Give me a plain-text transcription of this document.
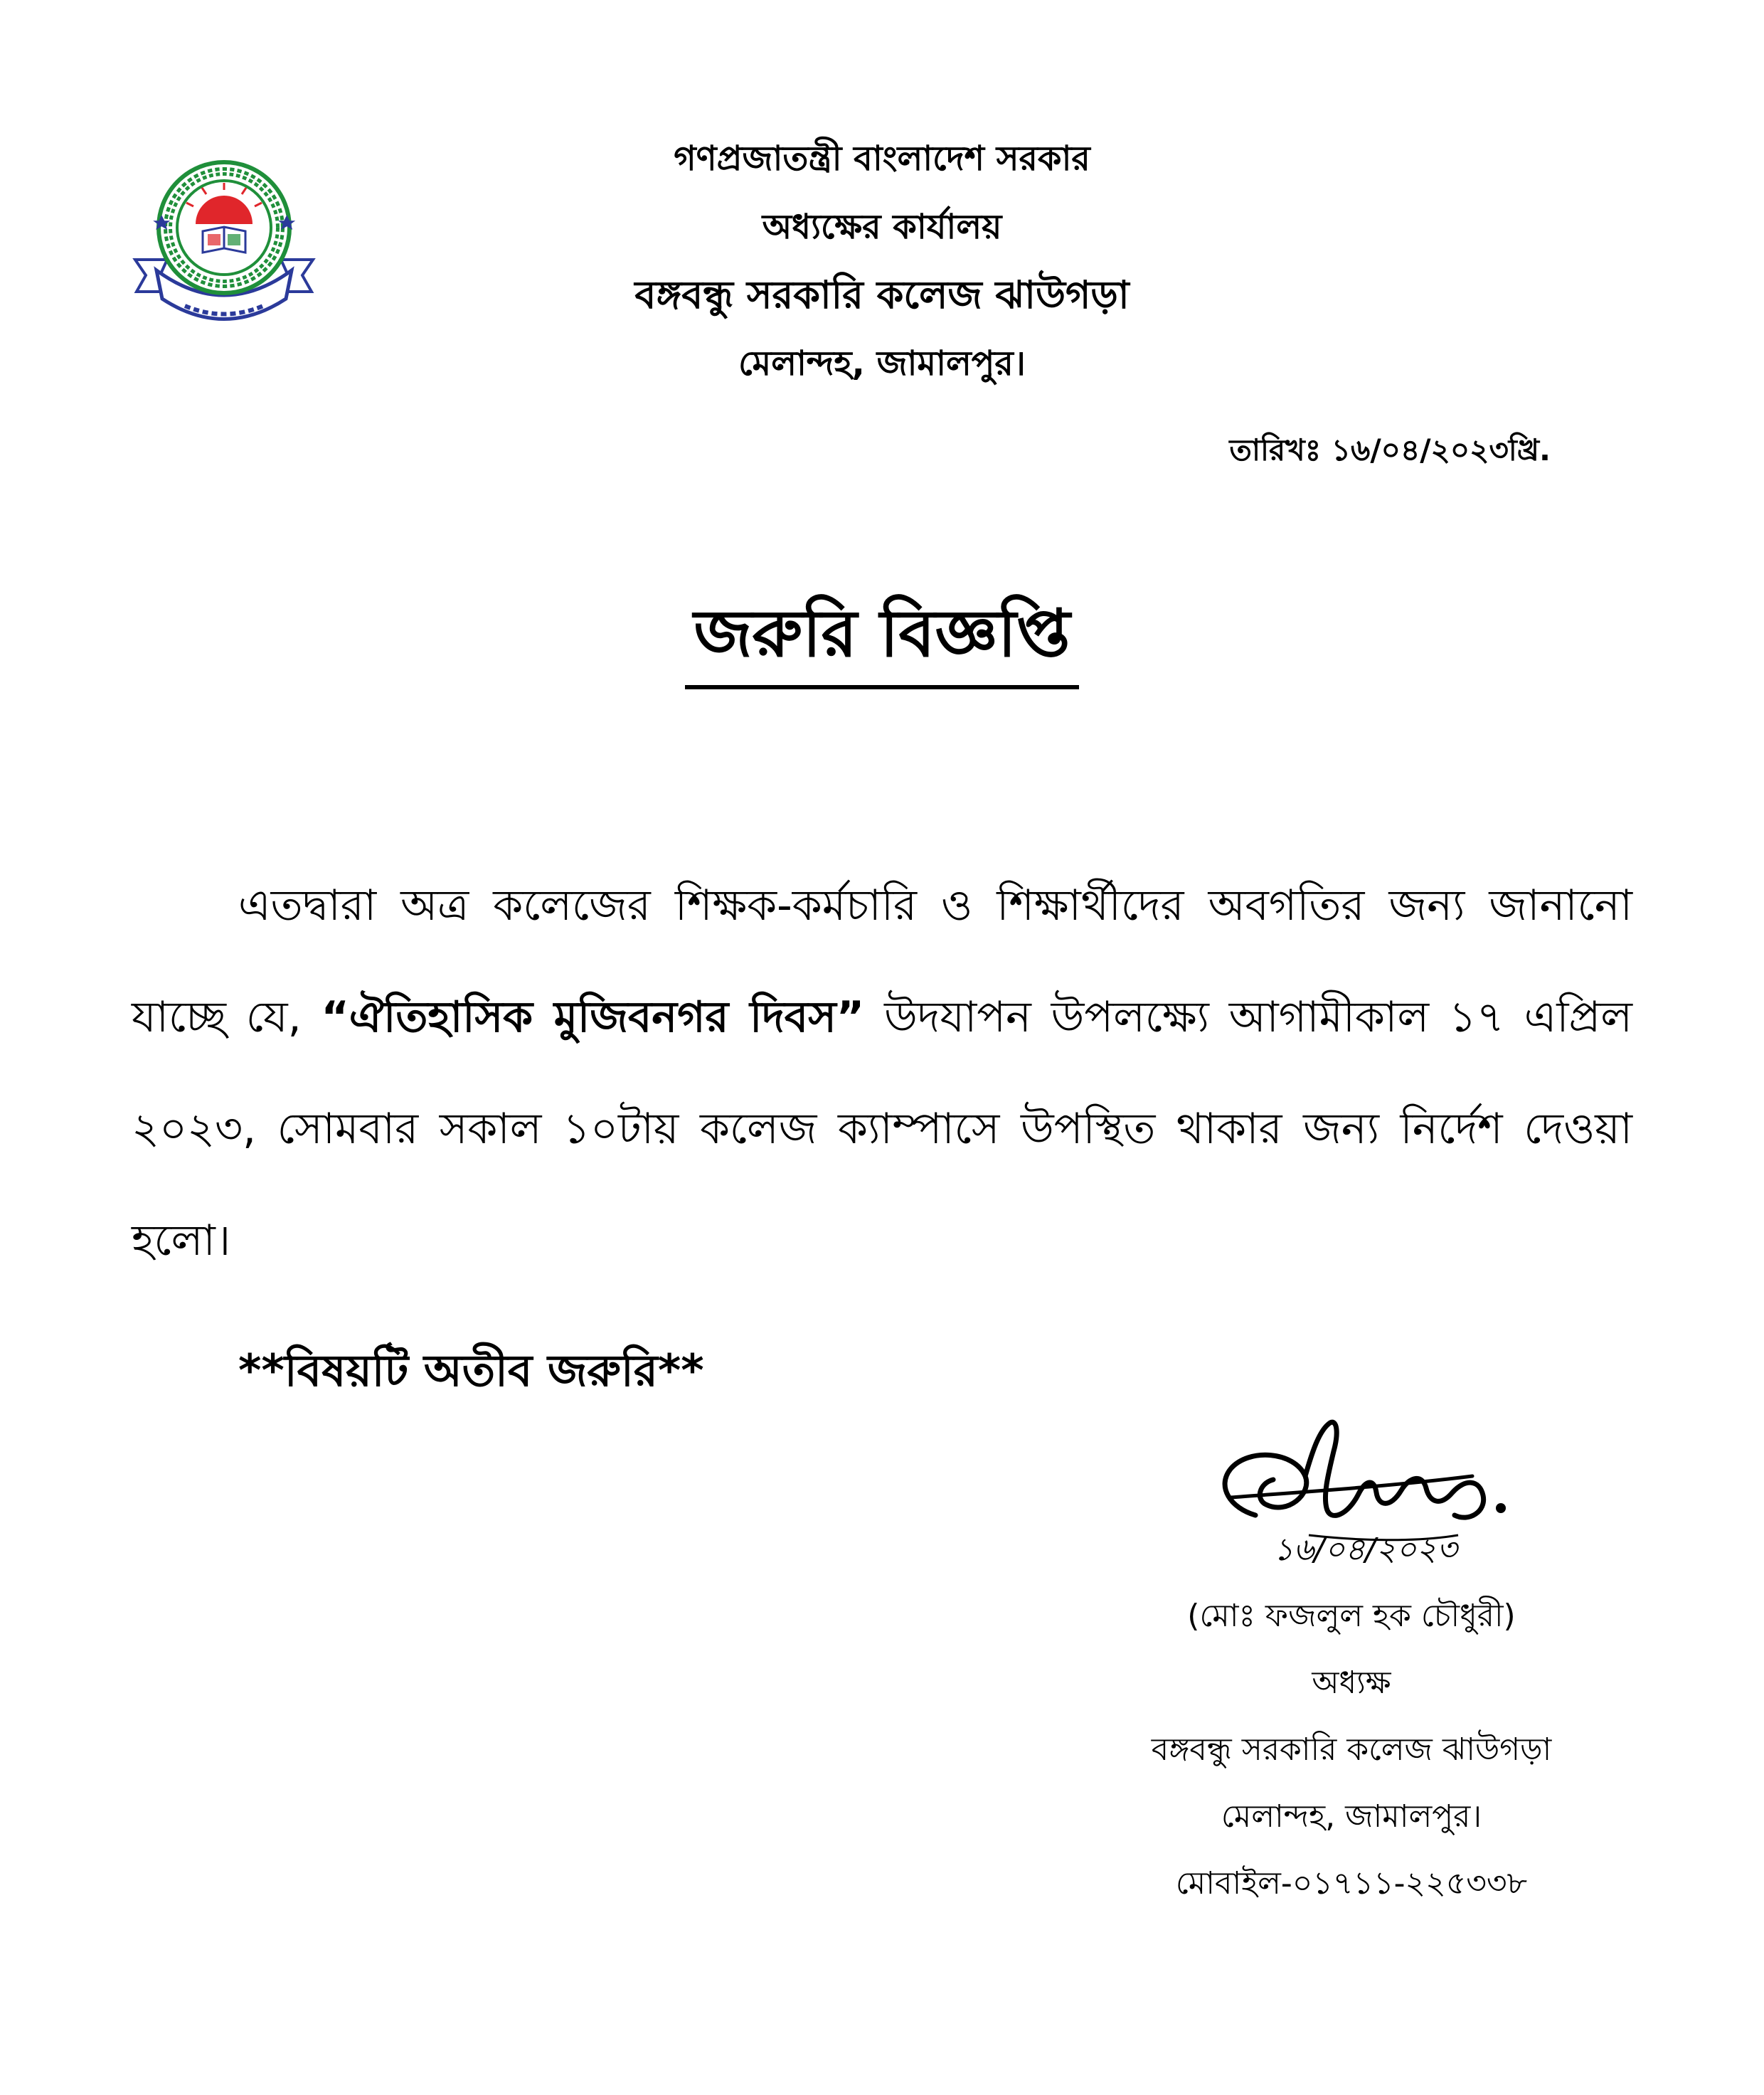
গণপ্রজাতন্ত্রী বাংলাদেশ সরকার
অধ্যক্ষের কার্যালয়
বঙ্গবন্ধু সরকারি কলেজ ঝাউগড়া
মেলান্দহ, জামালপুর।
তারিখঃ ১৬/০৪/২০২৩খ্রি.
জরুরি বিজ্ঞপ্তি
এতদ্বারা অত্র কলেজের শিক্ষক-কর্মচারি ও শিক্ষার্থীদের অবগতির জন্য জানানো যাচ্ছে যে, “ঐতিহাসিক মুজিবনগর দিবস” উদযাপন উপলক্ষ্যে আগামীকাল ১৭ এপ্রিল ২০২৩, সোমবার সকাল ১০টায় কলেজ ক্যাম্পাসে উপস্থিত থাকার জন্য নির্দেশ দেওয়া হলো।
**বিষয়টি অতীব জরুরি**
১৬/০৪/২০২৩
(মোঃ ফজলুল হক চৌধুরী)
অধ্যক্ষ
বঙ্গবন্ধু সরকারি কলেজ ঝাউগড়া
মেলান্দহ, জামালপুর।
মোবাইল-০১৭১১-২২৫৩৩৮
